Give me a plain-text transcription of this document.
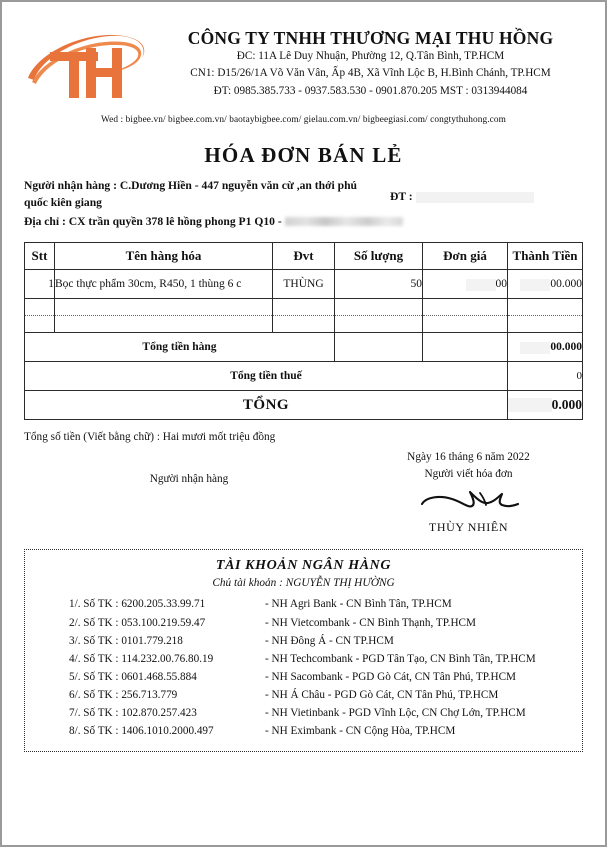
CÔNG TY TNHH THƯƠNG MẠI THU HỒNG
ĐC: 11A Lê Duy Nhuận, Phường 12, Q.Tân Bình, TP.HCM
CN1: D15/26/1A Võ Văn Vân, Ấp 4B, Xã Vĩnh Lộc B, H.Bình Chánh, TP.HCM
ĐT: 0985.385.733 - 0937.583.530 - 0901.870.205 MST : 0313944084
Wed : bigbee.vn/ bigbee.com.vn/ baotaybigbee.com/ gielau.com.vn/ bigbeegiasi.com/ congtythuhong.com
HÓA ĐƠN BÁN LẺ
Người nhận hàng : C.Dương Hiền - 447 nguyễn văn cừ ,an thới phú quốc kiên giang	ĐT :
Địa chỉ : CX trần quyền 378 lê hồng phong P1 Q10 -
Stt	Tên hàng hóa	Đvt	Số lượng	Đơn giá	Thành Tiền
1	Bọc thực phẩm 30cm, R450, 1 thùng 6 c	THÙNG	50	00	00.000

Tổng tiền hàng					00.000
Tổng tiền thuế					0
TỔNG					0.000
Tổng số tiền (Viết bằng chữ) : Hai mươi mốt triệu đồng
Người nhận hàng
Ngày 16 tháng 6 năm 2022
Người viết hóa đơn
THÙY NHIÊN
TÀI KHOẢN NGÂN HÀNG
Chủ tài khoản : NGUYỄN THỊ HƯỜNG
1/. Số TK : 6200.205.33.99.71	- NH Agri Bank - CN Bình Tân, TP.HCM
2/. Số TK : 053.100.219.59.47	- NH Vietcombank - CN Bình Thạnh, TP.HCM
3/. Số TK : 0101.779.218	- NH Đông Á - CN TP.HCM
4/. Số TK : 114.232.00.76.80.19	- NH Techcombank - PGD Tân Tạo, CN Bình Tân, TP.HCM
5/. Số TK : 0601.468.55.884	- NH Sacombank - PGD Gò Cát, CN Tân Phú, TP.HCM
6/. Số TK : 256.713.779	- NH Á Châu - PGD Gò Cát, CN Tân Phú, TP.HCM
7/. Số TK : 102.870.257.423	- NH Vietinbank - PGD Vĩnh Lộc, CN Chợ Lớn, TP.HCM
8/. Số TK : 1406.1010.2000.497	- NH Eximbank - CN Cộng Hòa, TP.HCM
